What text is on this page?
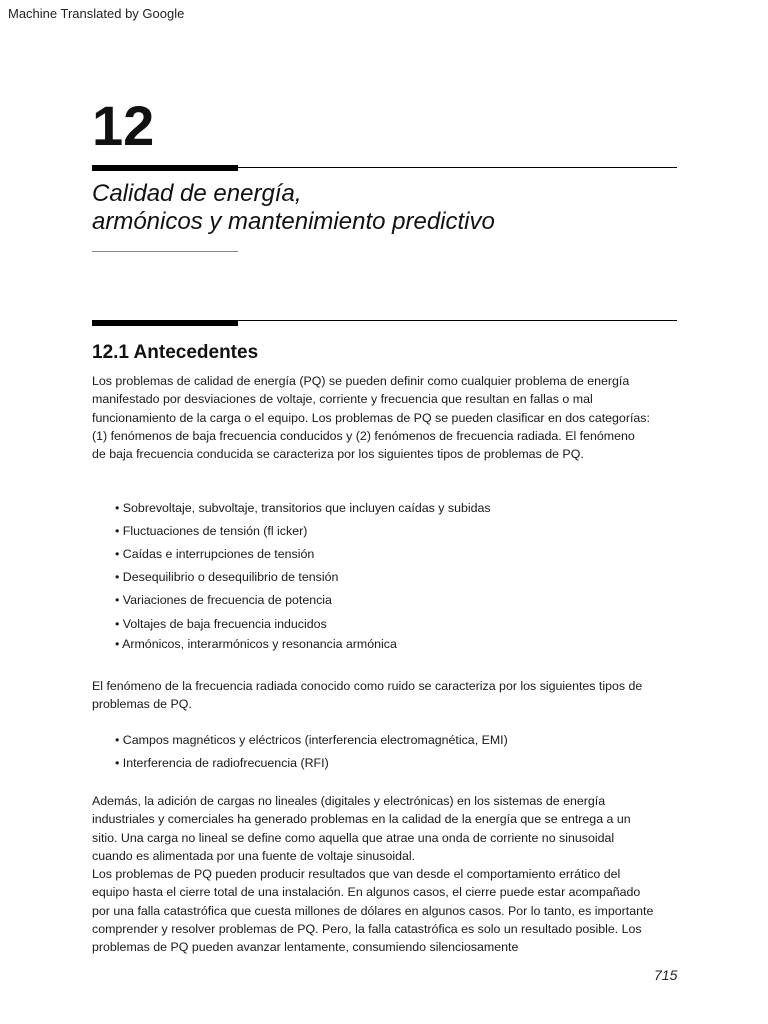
Machine Translated by Google
12
Calidad de energía,
armónicos y mantenimiento predictivo
12.1 Antecedentes
Los problemas de calidad de energía (PQ) se pueden definir como cualquier problema de energía
manifestado por desviaciones de voltaje, corriente y frecuencia que resultan en fallas o mal
funcionamiento de la carga o el equipo. Los problemas de PQ se pueden clasificar en dos categorías:
(1) fenómenos de baja frecuencia conducidos y (2) fenómenos de frecuencia radiada. El fenómeno
de baja frecuencia conducida se caracteriza por los siguientes tipos de problemas de PQ.
• Sobrevoltaje, subvoltaje, transitorios que incluyen caídas y subidas
• Fluctuaciones de tensión (fl icker)
• Caídas e interrupciones de tensión
• Desequilibrio o desequilibrio de tensión
• Variaciones de frecuencia de potencia
• Voltajes de baja frecuencia inducidos
• Armónicos, interarmónicos y resonancia armónica
El fenómeno de la frecuencia radiada conocido como ruido se caracteriza por los siguientes tipos de
problemas de PQ.
• Campos magnéticos y eléctricos (interferencia electromagnética, EMI)
• Interferencia de radiofrecuencia (RFI)
Además, la adición de cargas no lineales (digitales y electrónicas) en los sistemas de energía
industriales y comerciales ha generado problemas en la calidad de la energía que se entrega a un
sitio. Una carga no lineal se define como aquella que atrae una onda de corriente no sinusoidal
cuando es alimentada por una fuente de voltaje sinusoidal.
Los problemas de PQ pueden producir resultados que van desde el comportamiento errático del
equipo hasta el cierre total de una instalación. En algunos casos, el cierre puede estar acompañado
por una falla catastrófica que cuesta millones de dólares en algunos casos. Por lo tanto, es importante
comprender y resolver problemas de PQ. Pero, la falla catastrófica es solo un resultado posible. Los
problemas de PQ pueden avanzar lentamente, consumiendo silenciosamente
715
